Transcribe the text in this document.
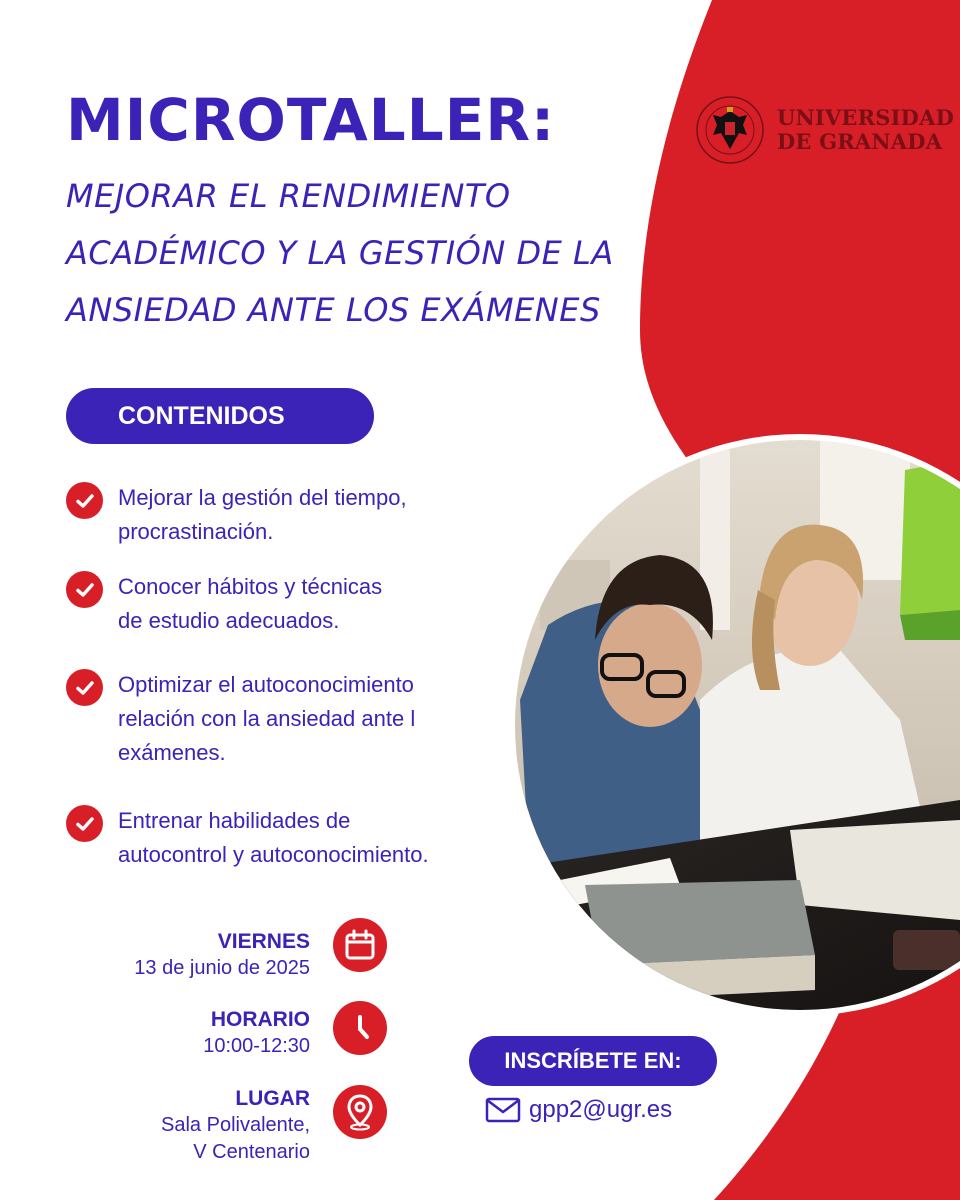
UNIVERSIDAD
DE GRANADA
MICROTALLER:
MEJORAR EL RENDIMIENTO ACADÉMICO Y LA GESTIÓN DE LA ANSIEDAD ANTE LOS EXÁMENES
CONTENIDOS
Mejorar la gestión del tiempo,
procrastinación.
Conocer hábitos y técnicas
de estudio adecuados.
Optimizar el autoconocimiento
relación con la ansiedad ante l
exámenes.
Entrenar habilidades de
autocontrol y autoconocimiento.
VIERNES
13 de junio de 2025
HORARIO
10:00-12:30
LUGAR
Sala Polivalente,
V Centenario
INSCRÍBETE EN:
gpp2@ugr.es
